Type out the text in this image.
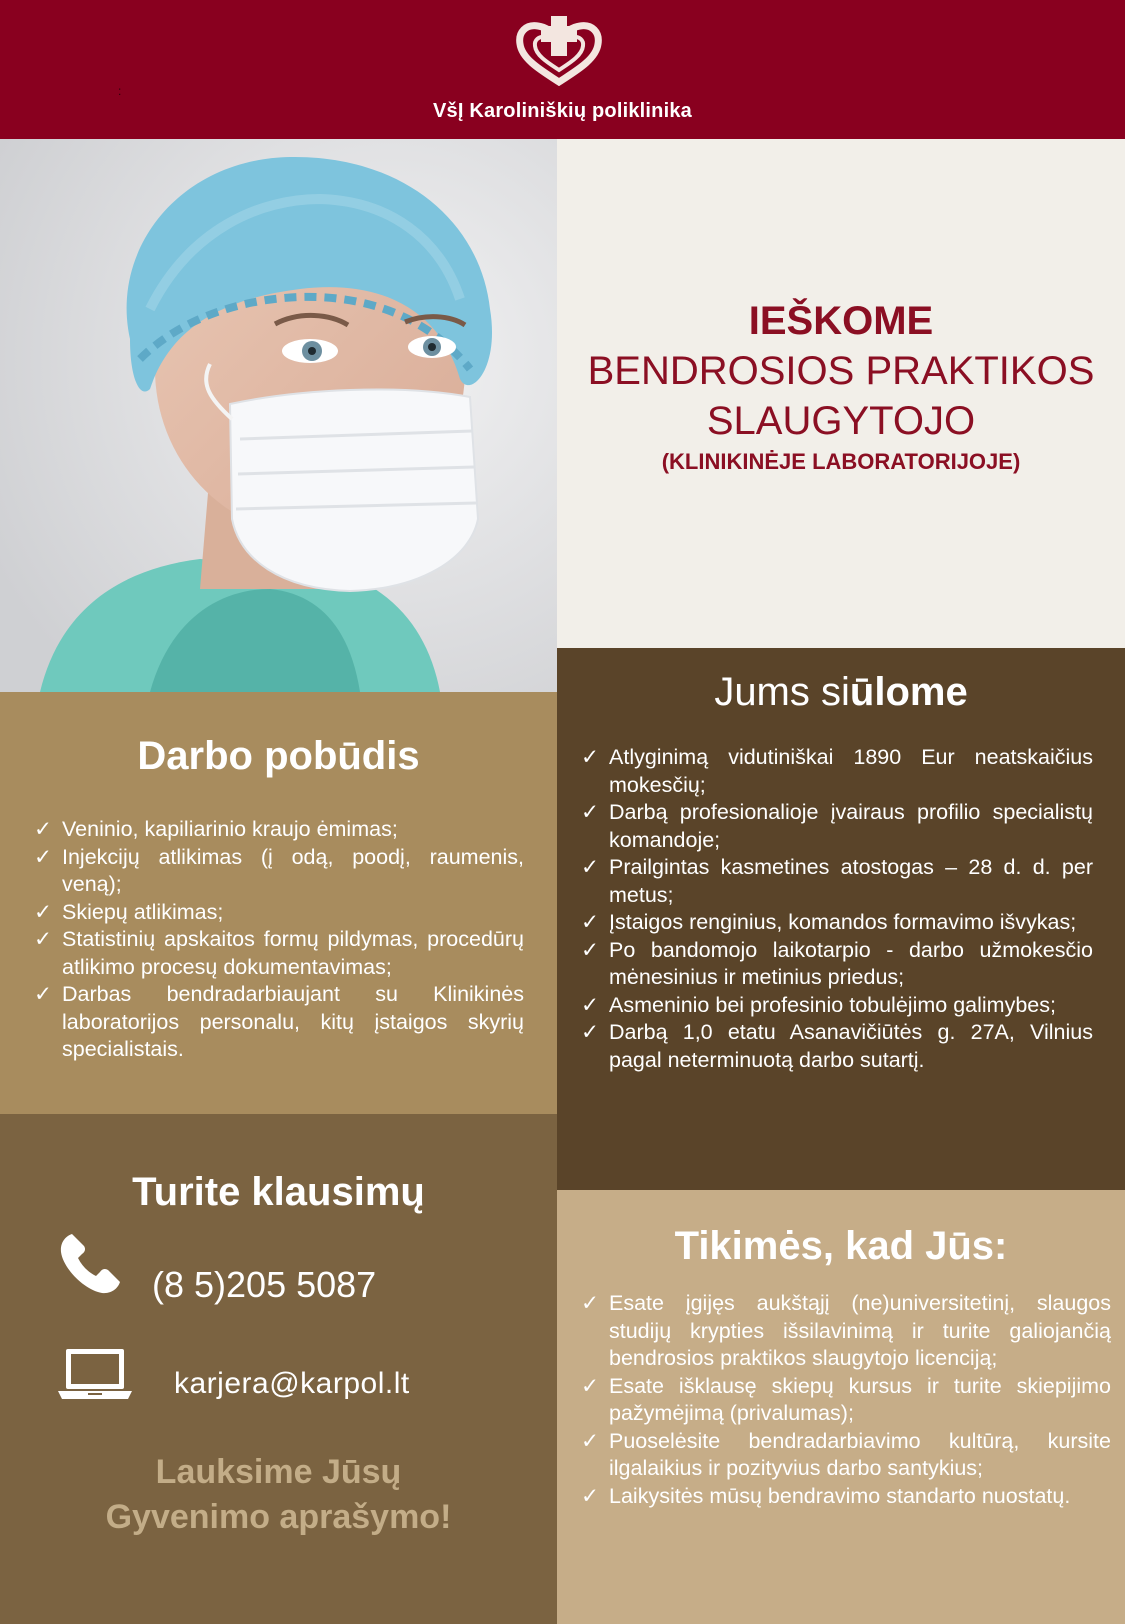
:
VšĮ Karoliniškių poliklinika
IEŠKOME
BENDROSIOS PRAKTIKOS
SLAUGYTOJO
(KLINIKINĖJE LABORATORIJOJE)
Jums siūlome
✓ Atlyginimą vidutiniškai 1890 Eur neatskaičius mokesčių;
✓ Darbą profesionalioje įvairaus profilio specialistų komandoje;
✓ Prailgintas kasmetines atostogas – 28 d. d. per metus;
✓ Įstaigos renginius, komandos formavimo išvykas;
✓ Po bandomojo laikotarpio - darbo užmokesčio mėnesinius ir metinius priedus;
✓ Asmeninio bei profesinio tobulėjimo galimybes;
✓ Darbą 1,0 etatu Asanavičiūtės g. 27A, Vilnius pagal neterminuotą darbo sutartį.
Darbo pobūdis
✓ Veninio, kapiliarinio kraujo ėmimas;
✓ Injekcijų atlikimas (į odą, poodį, raumenis, veną);
✓ Skiepų atlikimas;
✓ Statistinių apskaitos formų pildymas, procedūrų atlikimo procesų dokumentavimas;
✓ Darbas bendradarbiaujant su Klinikinės laboratorijos personalu, kitų įstaigos skyrių specialistais.
Turite klausimų
(8 5)205 5087
karjera@karpol.lt
Lauksime Jūsų
Gyvenimo aprašymo!
Tikimės, kad Jūs:
✓ Esate įgijęs aukštąjį (ne)universitetinį, slaugos studijų krypties išsilavinimą ir turite galiojančią bendrosios praktikos slaugytojo licenciją;
✓ Esate išklausę skiepų kursus ir turite skiepijimo pažymėjimą (privalumas);
✓ Puoselėsite bendradarbiavimo kultūrą, kursite ilgalaikius ir pozityvius darbo santykius;
✓ Laikysitės mūsų bendravimo standarto nuostatų.
